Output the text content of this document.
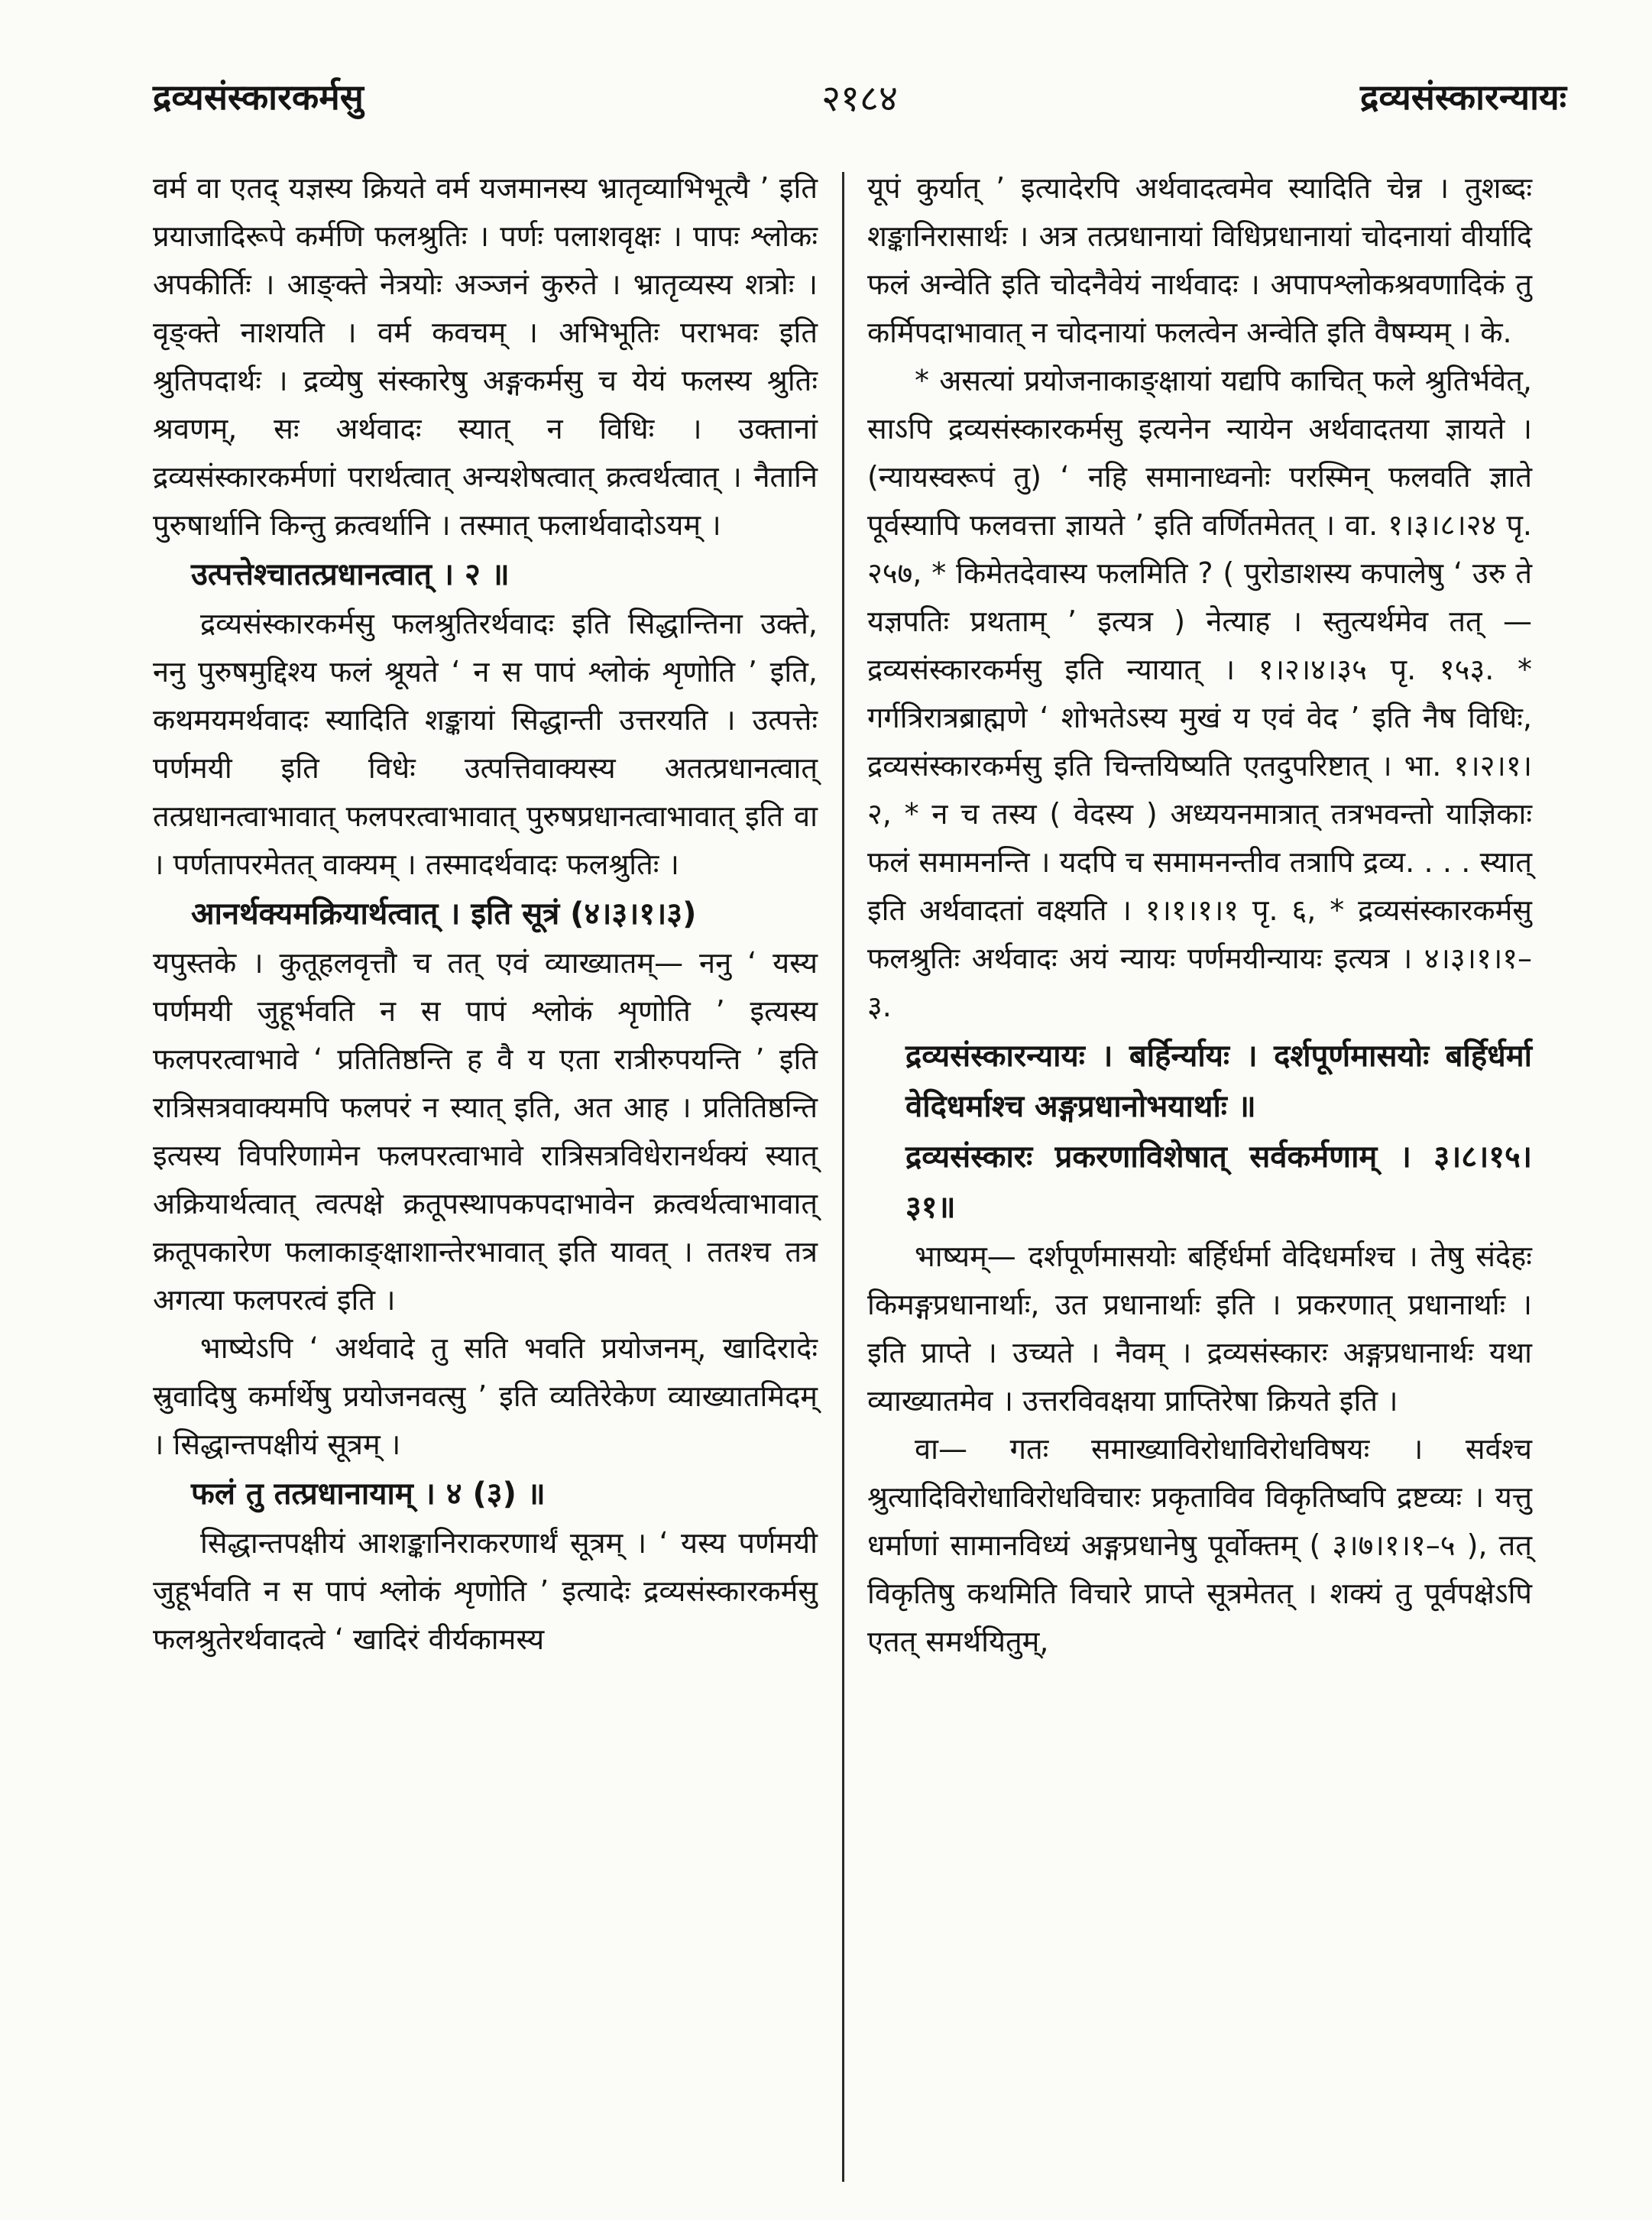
द्रव्यसंस्कारकर्मसु	२१८४	द्रव्यसंस्कारन्यायः

वर्म वा एतद् यज्ञस्य क्रियते वर्म यजमानस्य भ्रातृव्याभिभूत्यै ’ इति प्रयाजादिरूपे कर्मणि फलश्रुतिः । पर्णः पलाशवृक्षः । पापः श्लोकः अपकीर्तिः । आङ्क्ते नेत्रयोः अञ्जनं कुरुते । भ्रातृव्यस्य शत्रोः । वृङ्क्ते नाशयति । वर्म कवचम् । अभिभूतिः पराभवः इति श्रुतिपदार्थः । द्रव्येषु संस्कारेषु अङ्गकर्मसु च येयं फलस्य श्रुतिः श्रवणम्, सः अर्थवादः स्यात् न विधिः । उक्तानां द्रव्यसंस्कारकर्मणां परार्थत्वात् अन्यशेषत्वात् क्रत्वर्थत्वात् । नैतानि पुरुषार्थानि किन्तु क्रत्वर्थानि । तस्मात् फलार्थवादोऽयम् ।

उत्पत्तेश्चातत्प्रधानत्वात् । २ ॥

द्रव्यसंस्कारकर्मसु फलश्रुतिरर्थवादः इति सिद्धान्तिना उक्ते, ननु पुरुषमुद्दिश्य फलं श्रूयते ‘ न स पापं श्लोकं शृणोति ’ इति, कथमयमर्थवादः स्यादिति शङ्कायां सिद्धान्ती उत्तरयति । उत्पत्तेः पर्णमयी इति विधेः उत्पत्तिवाक्यस्य अतत्प्रधानत्वात् तत्प्रधानत्वाभावात् फलपरत्वाभावात् पुरुषप्रधानत्वाभावात् इति वा । पर्णतापरमेतत् वाक्यम् । तस्मादर्थवादः फलश्रुतिः ।

आनर्थक्यमक्रियार्थत्वात् । इति सूत्रं (४।३।१।३)

यपुस्तके । कुतूहलवृत्तौ च तत् एवं व्याख्यातम्— ननु ‘ यस्य पर्णमयी जुहूर्भवति न स पापं श्लोकं शृणोति ’ इत्यस्य फलपरत्वाभावे ‘ प्रतितिष्ठन्ति ह वै य एता रात्रीरुपयन्ति ’ इति रात्रिसत्रवाक्यमपि फलपरं न स्यात् इति, अत आह । प्रतितिष्ठन्ति इत्यस्य विपरिणामेन फलपरत्वाभावे रात्रिसत्रविधेरानर्थक्यं स्यात् अक्रियार्थत्वात् त्वत्पक्षे क्रतूपस्थापकपदाभावेन क्रत्वर्थत्वाभावात् क्रतूपकारेण फलाकाङ्क्षाशान्तेरभावात् इति यावत् । ततश्च तत्र अगत्या फलपरत्वं इति ।

भाष्येऽपि ‘ अर्थवादे तु सति भवति प्रयोजनम्, खादिरादेः स्रुवादिषु कर्मार्थेषु प्रयोजनवत्सु ’ इति व्यतिरेकेण व्याख्यातमिदम् । सिद्धान्तपक्षीयं सूत्रम् ।

फलं तु तत्प्रधानायाम् । ४ (३) ॥

सिद्धान्तपक्षीयं आशङ्कानिराकरणार्थं सूत्रम् । ‘ यस्य पर्णमयी जुहूर्भवति न स पापं श्लोकं शृणोति ’ इत्यादेः द्रव्यसंस्कारकर्मसु फलश्रुतेरर्थवादत्वे ‘ खादिरं वीर्यकामस्य

यूपं कुर्यात् ’ इत्यादेरपि अर्थवादत्वमेव स्यादिति चेन्न । तुशब्दः शङ्कानिरासार्थः । अत्र तत्प्रधानायां विधिप्रधानायां चोदनायां वीर्यादि फलं अन्वेति इति चोदनैवेयं नार्थवादः । अपापश्लोकश्रवणादिकं तु कर्मिपदाभावात् न चोदनायां फलत्वेन अन्वेति इति वैषम्यम् । के.

* असत्यां प्रयोजनाकाङ्क्षायां यद्यपि काचित् फले श्रुतिर्भवेत्, साऽपि द्रव्यसंस्कारकर्मसु इत्यनेन न्यायेन अर्थवादतया ज्ञायते । (न्यायस्वरूपं तु) ‘ नहि समानाध्वनोः परस्मिन् फलवति ज्ञाते पूर्वस्यापि फलवत्ता ज्ञायते ’ इति वर्णितमेतत् । वा. १।३।८।२४ पृ. २५७, * किमेतदेवास्य फलमिति ? ( पुरोडाशस्य कपालेषु ‘ उरु ते यज्ञपतिः प्रथताम् ’ इत्यत्र ) नेत्याह । स्तुत्यर्थमेव तत् — द्रव्यसंस्कारकर्मसु इति न्यायात् । १।२।४।३५ पृ. १५३. * गर्गत्रिरात्रब्राह्मणे ‘ शोभतेऽस्य मुखं य एवं वेद ’ इति नैष विधिः, द्रव्यसंस्कारकर्मसु इति चिन्तयिष्यति एतदुपरिष्टात् । भा. १।२।१।२, * न च तस्य ( वेदस्य ) अध्ययनमात्रात् तत्रभवन्तो याज्ञिकाः फलं समामनन्ति । यदपि च समामनन्तीव तत्रापि द्रव्य. . . . स्यात् इति अर्थवादतां वक्ष्यति । १।१।१।१ पृ. ६, * द्रव्यसंस्कारकर्मसु फलश्रुतिः अर्थवादः अयं न्यायः पर्णमयीन्यायः इत्यत्र । ४।३।१।१–३.

द्रव्यसंस्कारन्यायः । बर्हिर्न्यायः । दर्शपूर्णमासयोः बर्हिर्धर्मा वेदिधर्माश्च अङ्गप्रधानोभयार्थाः ॥

द्रव्यसंस्कारः प्रकरणाविशेषात् सर्वकर्मणाम् । ३।८।१५।३१॥

भाष्यम्— दर्शपूर्णमासयोः बर्हिर्धर्मा वेदिधर्माश्च । तेषु संदेहः किमङ्गप्रधानार्थाः, उत प्रधानार्थाः इति । प्रकरणात् प्रधानार्थाः । इति प्राप्ते । उच्यते । नैवम् । द्रव्यसंस्कारः अङ्गप्रधानार्थः यथा व्याख्यातमेव । उत्तरविवक्षया प्राप्तिरेषा क्रियते इति ।

वा— गतः समाख्याविरोधाविरोधविषयः । सर्वश्च श्रुत्यादिविरोधाविरोधविचारः प्रकृताविव विकृतिष्वपि द्रष्टव्यः । यत्तु धर्माणां सामानविध्यं अङ्गप्रधानेषु पूर्वोक्तम् ( ३।७।१।१–५ ), तत् विकृतिषु कथमिति विचारे प्राप्ते सूत्रमेतत् । शक्यं तु पूर्वपक्षेऽपि एतत् समर्थयितुम्,
